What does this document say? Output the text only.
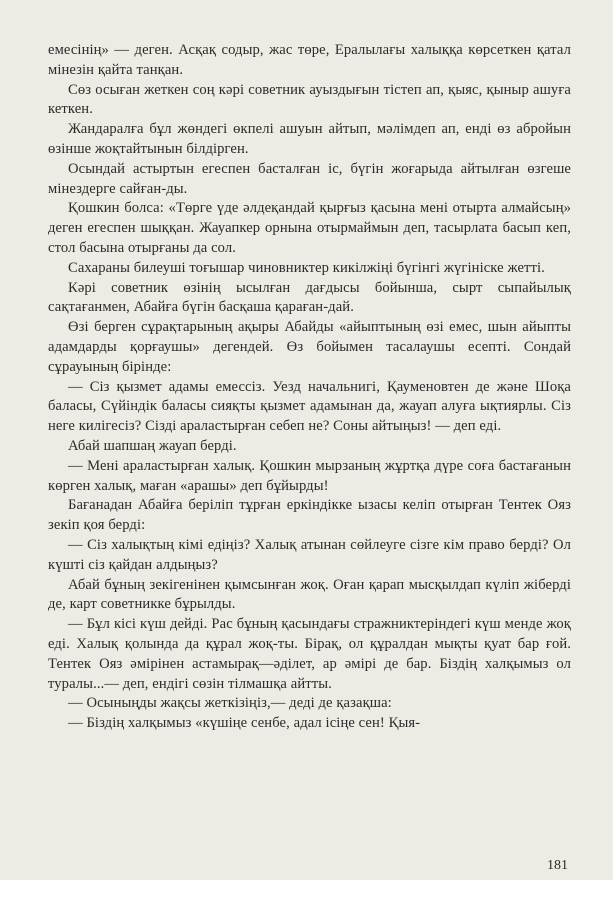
емесінің» — деген. Асқақ содыр, жас төре, Ералылағы халыққа көрсеткен қатал мінезін қайта танқан.

Сөз осыған жеткен соң кәрі советник ауыздығын тістеп ап, қыяс, қыныр ашуға кеткен.

Жандаралға бұл жөндегі өкпелі ашуын айтып, мәлімдеп ап, енді өз абройын өзінше жоқтайтынын білдірген.

Осындай астыртын егеспен басталған іс, бүгін жоғарыда айтылған өзгеше мінездерге сайған-ды.

Қошкин болса: «Төрге үде әлдеқандай қырғыз қасына мені отырта алмайсың» деген егеспен шыққан. Жауапкер орнына отырмаймын деп, тасырлата басып кеп, стол басына отырғаны да сол.

Сахараны билеуші тоғышар чиновниктер кикілжіңі бүгінгі жүгініске жетті.

Кәрі советник өзінің ысылған дағдысы бойынша, сырт сыпайылық сақтағанмен, Абайға бүгін басқаша қараған-дай.

Өзі берген сұрақтарының ақыры Абайды «айыптының өзі емес, шын айыпты адамдарды қорғаушы» дегендей. Өз бойымен тасалаушы есепті. Сондай сұрауының бірінде:

— Сіз қызмет адамы емессіз. Уезд начальнигі, Қауменовтен де және Шоқа баласы, Сүйіндік баласы сияқты қызмет адамынан да, жауап алуға ықтиярлы. Сіз неге килігесіз? Сізді араластырған себеп не? Соны айтыңыз! — деп еді.

Абай шапшаң жауап берді.

— Мені араластырған халық. Қошкин мырзаның жұртқа дүре соға бастағанын көрген халық, маған «арашы» деп бұйырды!

Бағанадан Абайға беріліп тұрған еркіндікке ызасы келіп отырған Тентек Ояз зекіп қоя берді:

— Сіз халықтың кімі едіңіз? Халық атынан сөйлеуге сізге кім право берді? Ол күшті сіз қайдан алдыңыз?

Абай бұның зекігенінен қымсынған жоқ. Оған қарап мысқылдап күліп жіберді де, карт советникке бұрылды.

— Бұл кісі күш дейді. Рас бұның қасындағы стражниктеріндегі күш менде жоқ еді. Халық қолында да құрал жоқ-ты. Бірақ, ол құралдан мықты қуат бар ғой. Тентек Ояз әмірінен астамырақ—әділет, ар әмірі де бар. Біздің халқымыз ол туралы...— деп, ендігі сөзін тілмашқа айтты.

— Осыныңды жақсы жеткізіңіз,— деді де қазақша:

— Біздің халқымыз «күшіңе сенбе, адал ісіңе сен! Қыя-

181
